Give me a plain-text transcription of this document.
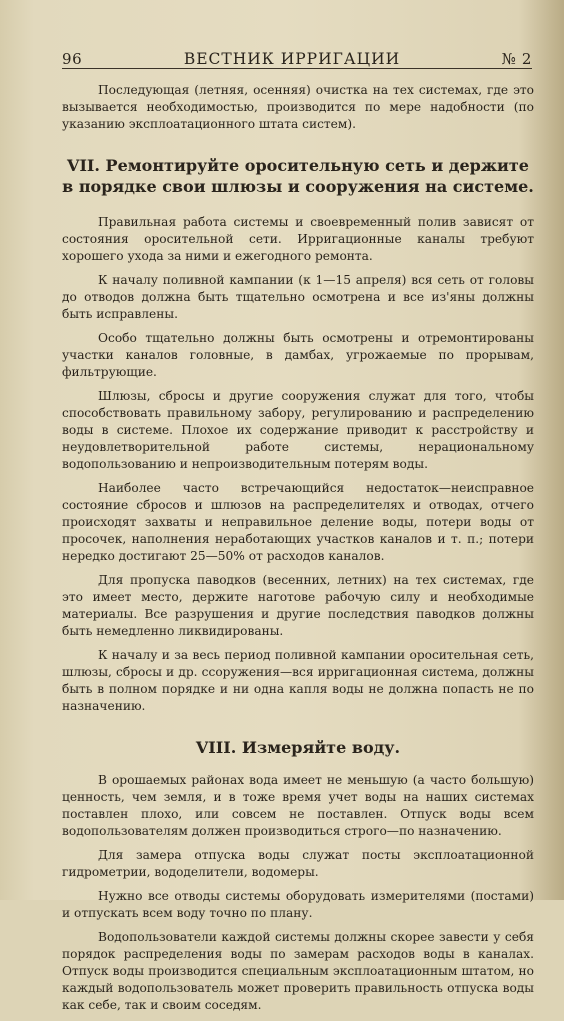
96	ВЕСТНИК ИРРИГАЦИИ	№ 2

Последующая (летняя, осенняя) очистка на тех системах, где это вызывается необходимостью, производится по мере надобности (по указанию эксплоатационного штата систем).

VII. Ремонтируйте оросительную сеть и держите в порядке свои шлюзы и сооружения на системе.

Правильная работа системы и своевременный полив зависят от состояния оросительной сети. Ирригационные каналы требуют хорошего ухода за ними и ежегодного ремонта.

К началу поливной кампании (к 1—15 апреля) вся сеть от головы до отводов должна быть тщательно осмотрена и все из'яны должны быть исправлены.

Особо тщательно должны быть осмотрены и отремонтированы участки каналов головные, в дамбах, угрожаемые по прорывам, фильтрующие.

Шлюзы, сбросы и другие сооружения служат для того, чтобы способствовать правильному забору, регулированию и распределению воды в системе. Плохое их содержание приводит к расстройству и неудовлетворительной работе системы, нерациональному водопользованию и непроизводительным потерям воды.

Наиболее часто встречающийся недостаток—неисправное состояние сбросов и шлюзов на распределителях и отводах, отчего происходят захваты и неправильное деление воды, потери воды от просочек, наполнения неработающих участков каналов и т. п.; потери нередко достигают 25—50% от расходов каналов.

Для пропуска паводков (весенних, летних) на тех системах, где это имеет место, держите наготове рабочую силу и необходимые материалы. Все разрушения и другие последствия паводков должны быть немедленно ликвидированы.

К началу и за весь период поливной кампании оросительная сеть, шлюзы, сбросы и др. ссоружения—вся ирригационная система, должны быть в полном порядке и ни одна капля воды не должна попасть не по назначению.

VIII. Измеряйте воду.

В орошаемых районах вода имеет не меньшую (а часто большую) ценность, чем земля, и в тоже время учет воды на наших системах поставлен плохо, или совсем не поставлен. Отпуск воды всем водопользователям должен производиться строго—по назначению.

Для замера отпуска воды служат посты эксплоатационной гидрометрии, вододелители, водомеры.

Нужно все отводы системы оборудовать измерителями (постами) и отпускать всем воду точно по плану.

Водопользователи каждой системы должны скорее завести у себя порядок распределения воды по замерам расходов воды в каналах. Отпуск воды производится специальным эксплоатационным штатом, но каждый водопользователь может проверить правильность отпуска воды как себе, так и своим соседям.
